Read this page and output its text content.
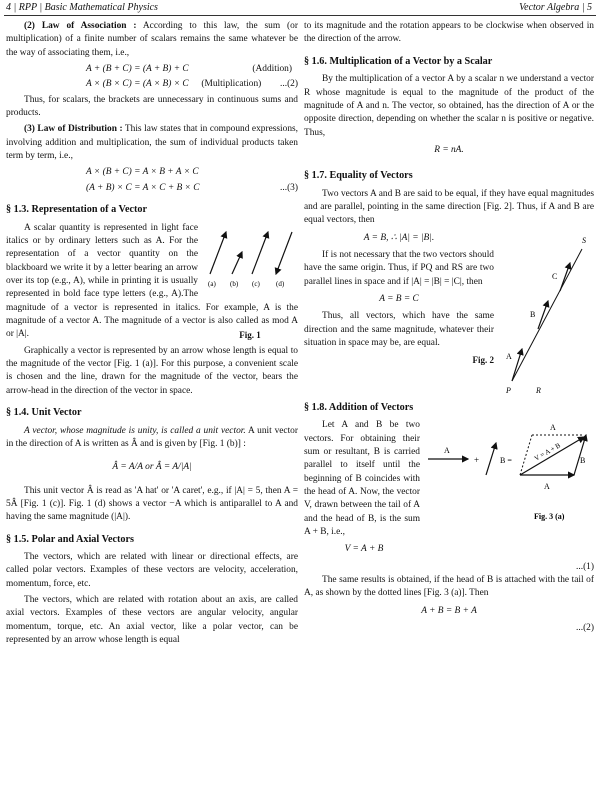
4 | RPP | Basic Mathematical Physics	Vector Algebra | 5

(2) Law of Association : According to this law, the sum (or multiplication) of a finite number of scalars remains the same whatever be the way of associating them, i.e.,

A + (B + C) = (A + B) + C	(Addition)
A × (B × C) = (A × B) × C (Multiplication)	...(2)

Thus, for scalars, the brackets are unnecessary in continuous sums and products.

(3) Law of Distribution : This law states that in compound expressions, involving addition and multiplication, the sum of individual products taken term by term, i.e.,

A × (B + C) = A × B + A × C
(A + B) × C = A × C + B × C	...(3)
§ 1.3. Representation of a Vector
(a) (b) (c) (d)

A scalar quantity is represented in light face italics or by ordinary letters such as A. For the representation of a vector quantity on the blackboard we write it by a letter bearing an arrow over its top (e.g., A), while in printing it is usually represented in bold face type letters (e.g., A).The magnitude of a vector is represented in italics. For example, A is the magnitude of a vector A. The magnitude of a vector is also called as mod A or |A|.	Fig. 1

Graphically a vector is represented by an arrow whose length is equal to the magnitude of the vector [Fig. 1 (a)]. For this purpose, a convenient scale is chosen and the line, drawn for the magnitude of the vector, bears the arrow-head in the direction of the vector in space.

§ 1.4. Unit Vector

A vector, whose magnitude is unity, is called a unit vector. A unit vector in the direction of A is written as Â and is given by [Fig. 1 (b)] :

Â = A/A or Â = A/|A|

This unit vector Â is read as 'A hat' or 'A caret', e.g., if |A| = 5, then A = 5Â [Fig. 1 (c)]. Fig. 1 (d) shows a vector −A which is antiparallel to A and having the same magnitude (|A|).

§ 1.5. Polar and Axial Vectors

The vectors, which are related with linear or directional effects, are called polar vectors. Examples of these vectors are velocity, acceleration, momentum, force, etc.

The vectors, which are related with rotation about an axis, are called axial vectors. Examples of these vectors are angular velocity, angular momentum, torque, etc. An axial vector, like a polar vector, can be represented by an arrow whose length is equal

to its magnitude and the rotation appears to be clockwise when observed in the direction of the arrow.

§ 1.6. Multiplication of a Vector by a Scalar

By the multiplication of a vector A by a scalar n we understand a vector R whose magnitude is equal to the magnitude of the product of the magnitude of A and n. The vector, so obtained, has the direction of A or the opposite direction, depending on whether the scalar n is positive or negative. Thus,

R = nA.
§ 1.7. Equality of Vectors

Two vectors A and B are said to be equal, if they have equal magnitudes and are parallel, pointing in the same direction [Fig. 2]. Thus, if A and B are equal vectors, then

P	R
S
A
B
C
A = B, ∴ |A| = |B|.

If is not necessary that the two vectors should have the same origin. Thus, if PQ and RS are two parallel lines in space and if |A| = |B| = |C|, then

A = B = C

Thus, all vectors, which have the same direction and the same magnitude, whatever their situation in space may be, are equal.

Fig. 2
§ 1.8. Addition of Vectors
A
+	B =
A
B
V = A + B
A
Fig. 3 (a)

Let A and B be two vectors. For obtaining their sum or resultant, B is carried parallel to itself until the beginning of B coincides with the head of A. Now, the vector V, drawn between the tail of A and the head of B, is the sum A + B, i.e.,

V = A + B
...(1)

The same results is obtained, if the head of B is attached with the tail of A, as shown by the dotted lines [Fig. 3 (a)]. Then

A + B = B + A
...(2)
